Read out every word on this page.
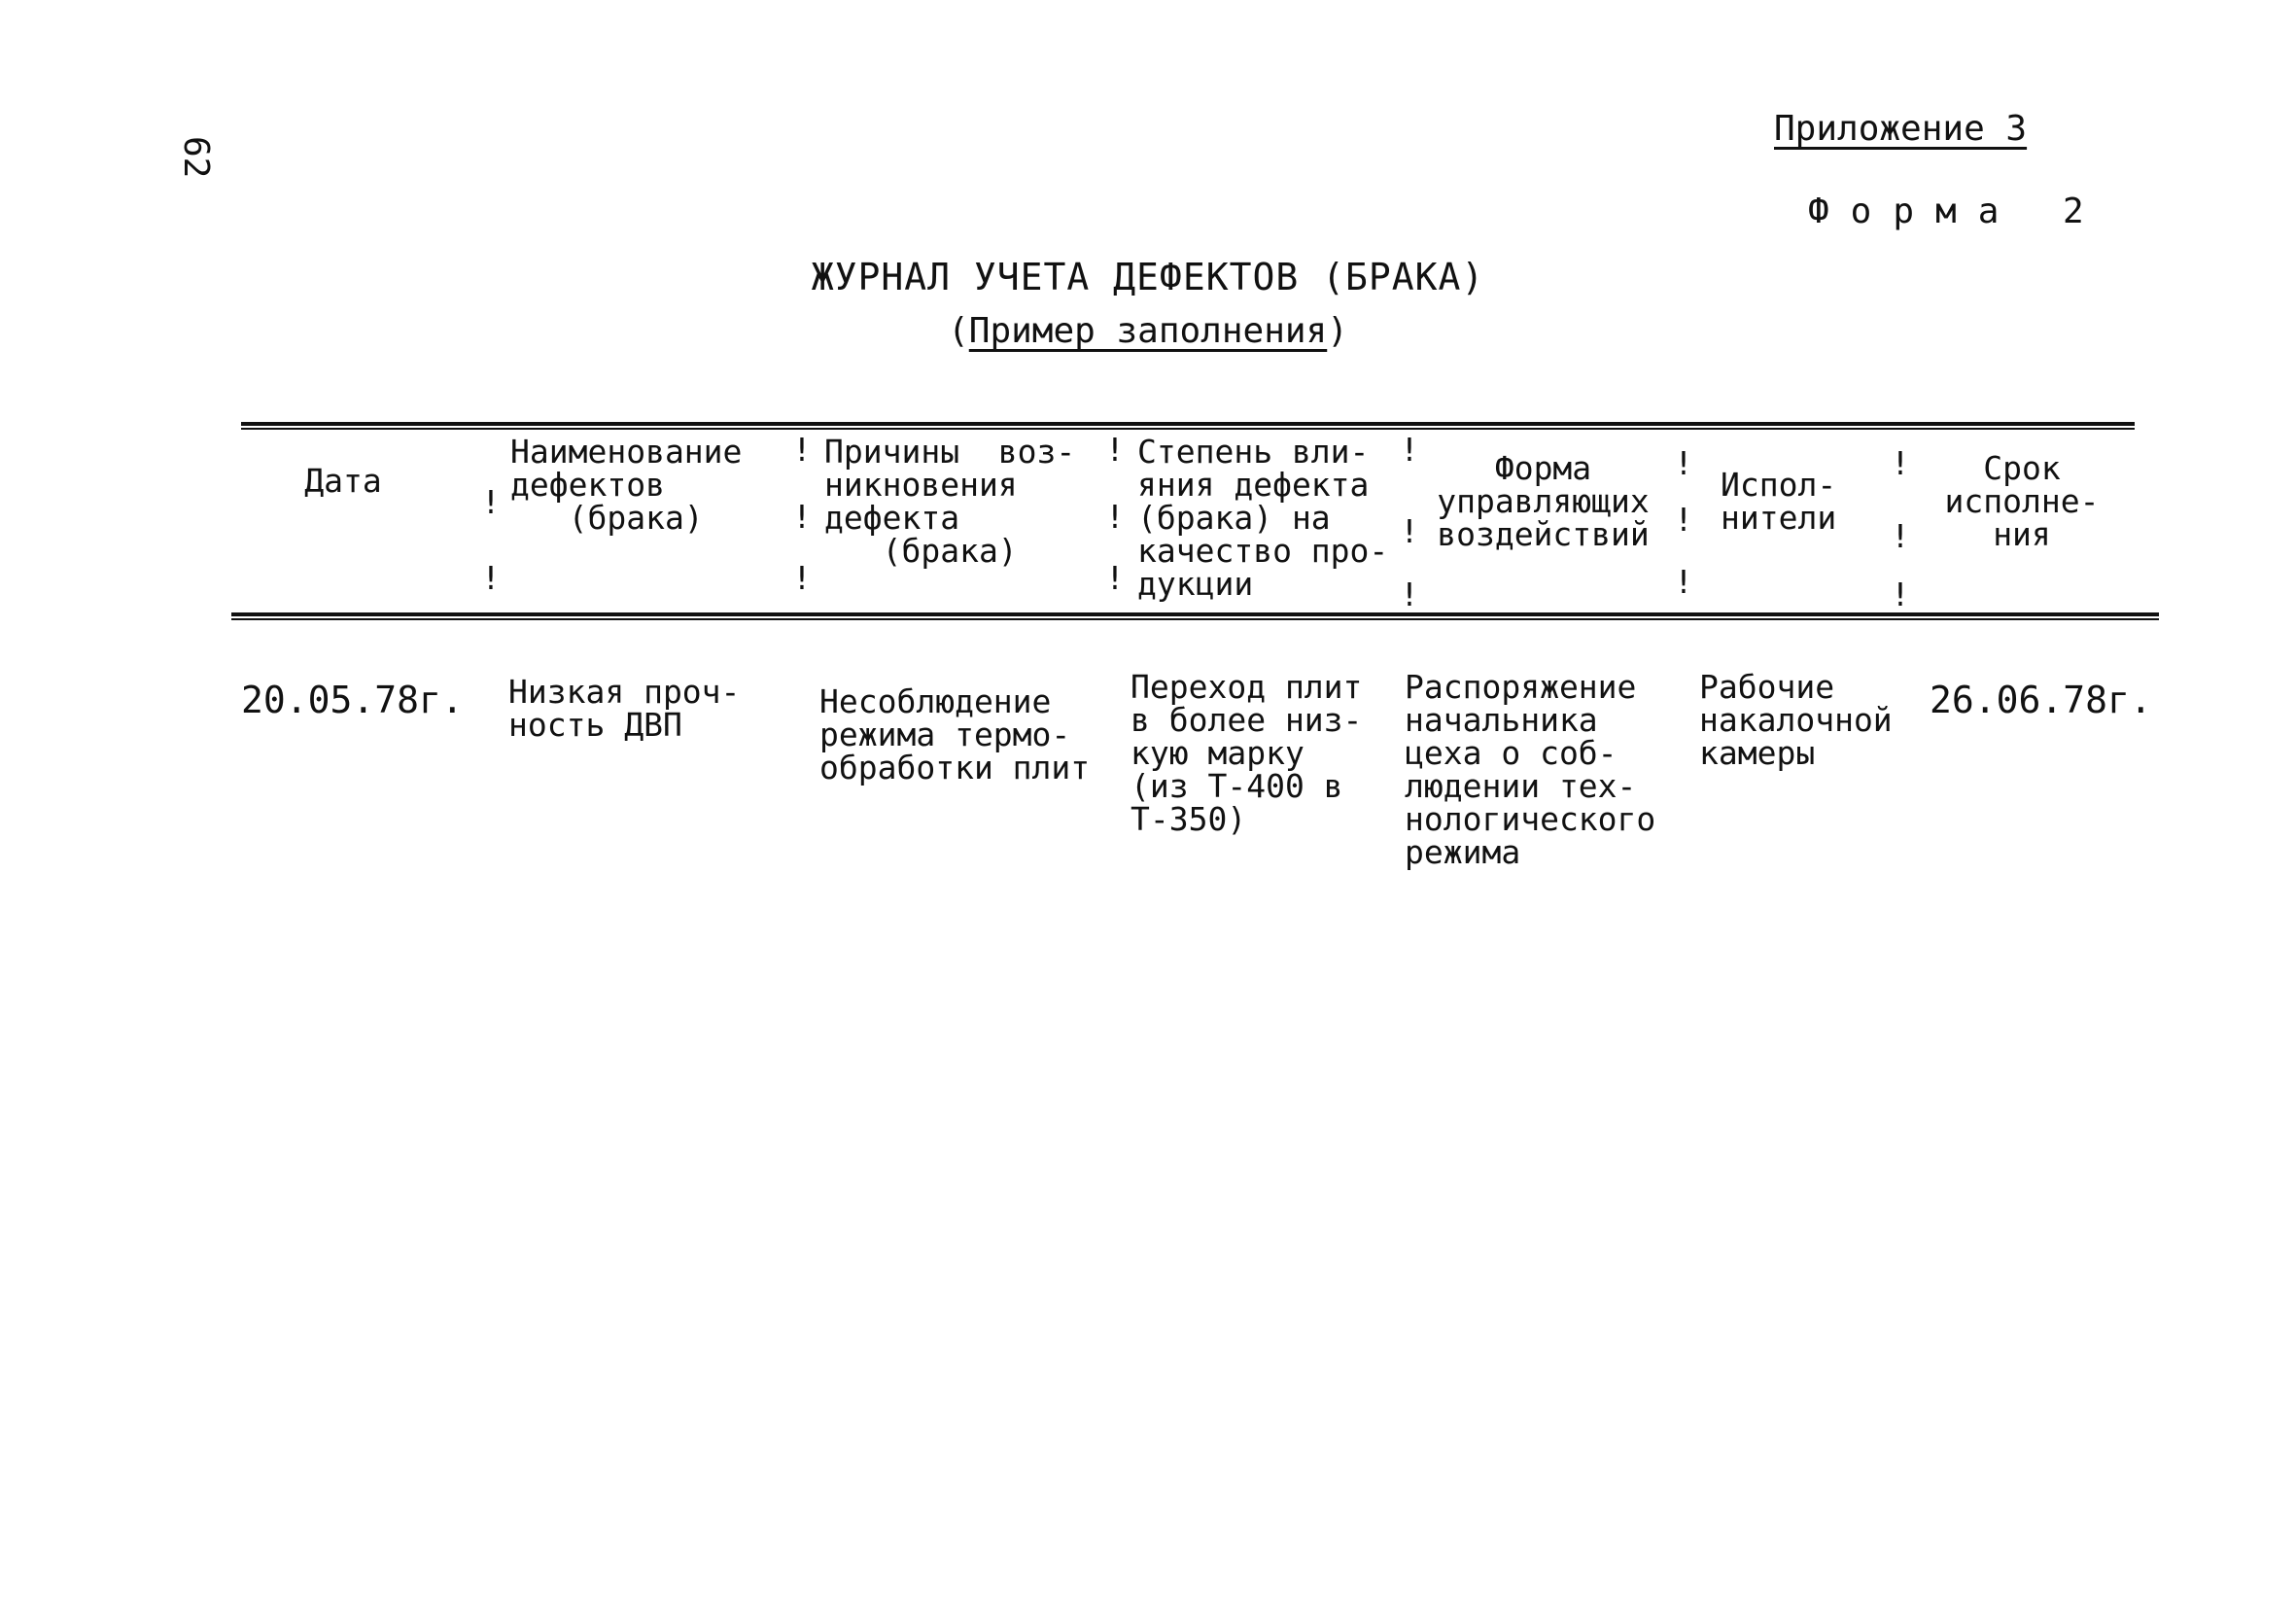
62
Приложение 3
Форма 2
ЖУРНАЛ УЧЕТА ДЕФЕКТОВ (БРАКА)
(Пример заполнения)
Дата
Наименование
дефектов
(брака)
Причины  воз-
никновения
дефекта
(брака)
Степень вли-
яния дефекта
(брака) на
качество про-
дукции
Форма
управляющих
воздействий
Испол-
нители
Срок
исполне-
ния
!
!
!
!
!
!
!
!
!
!
!
!
!
!
!
!
!
20.05.78г. Низкая проч-
ность ДВП
Несоблюдение
режима термо-
обработки плит
Переход плит
в более низ-
кую марку
(из Т-400 в
Т-350)
Распоряжение
начальника
цеха о соб-
людении тех-
нологического
режима
Рабочие
накалочной
камеры
26.06.78г.
